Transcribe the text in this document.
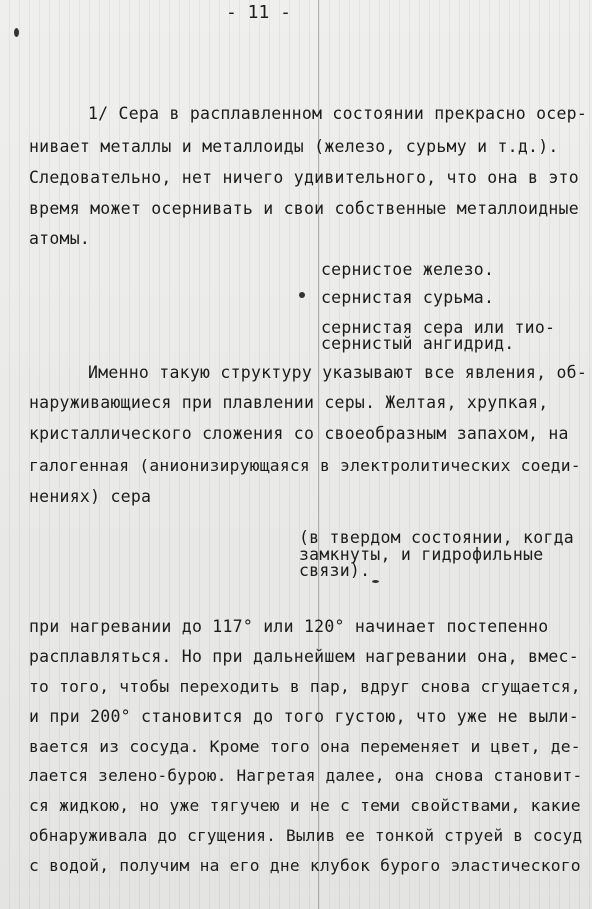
- 11 -
1/ Сера в расплавленном состоянии прекрасно осер-
нивает металлы и металлоиды (железо, сурьму и т.д.).
Следовательно, нет ничего удивительного, что она в это
время может осернивать и свои собственные металлоидные
атомы.
сернистое железо.
сернистая сурьма.
сернистая сера или тио-
сернистый ангидрид.
Именно такую структуру указывают все явления, об-
наруживающиеся при плавлении серы. Желтая, хрупкая,
кристаллического сложения со своеобразным запахом, на
галогенная (анионизирующаяся в электролитических соеди-
нениях) сера
(в твердом состоянии, когда
замкнуты, и гидрофильные
связи).
при нагревании до 117° или 120° начинает постепенно
расплавляться. Но при дальнейшем нагревании она, вмес-
то того, чтобы переходить в пар, вдруг снова сгущается,
и при 200° становится до того густою, что уже не выли-
вается из сосуда. Кроме того она переменяет и цвет, де-
лается зелено-бурою. Нагретая далее, она снова становит-
ся жидкою, но уже тягучею и не с теми свойствами, какие
обнаруживала до сгущения. Вылив ее тонкой струей в сосуд
с водой, получим на его дне клубок бурого эластического
